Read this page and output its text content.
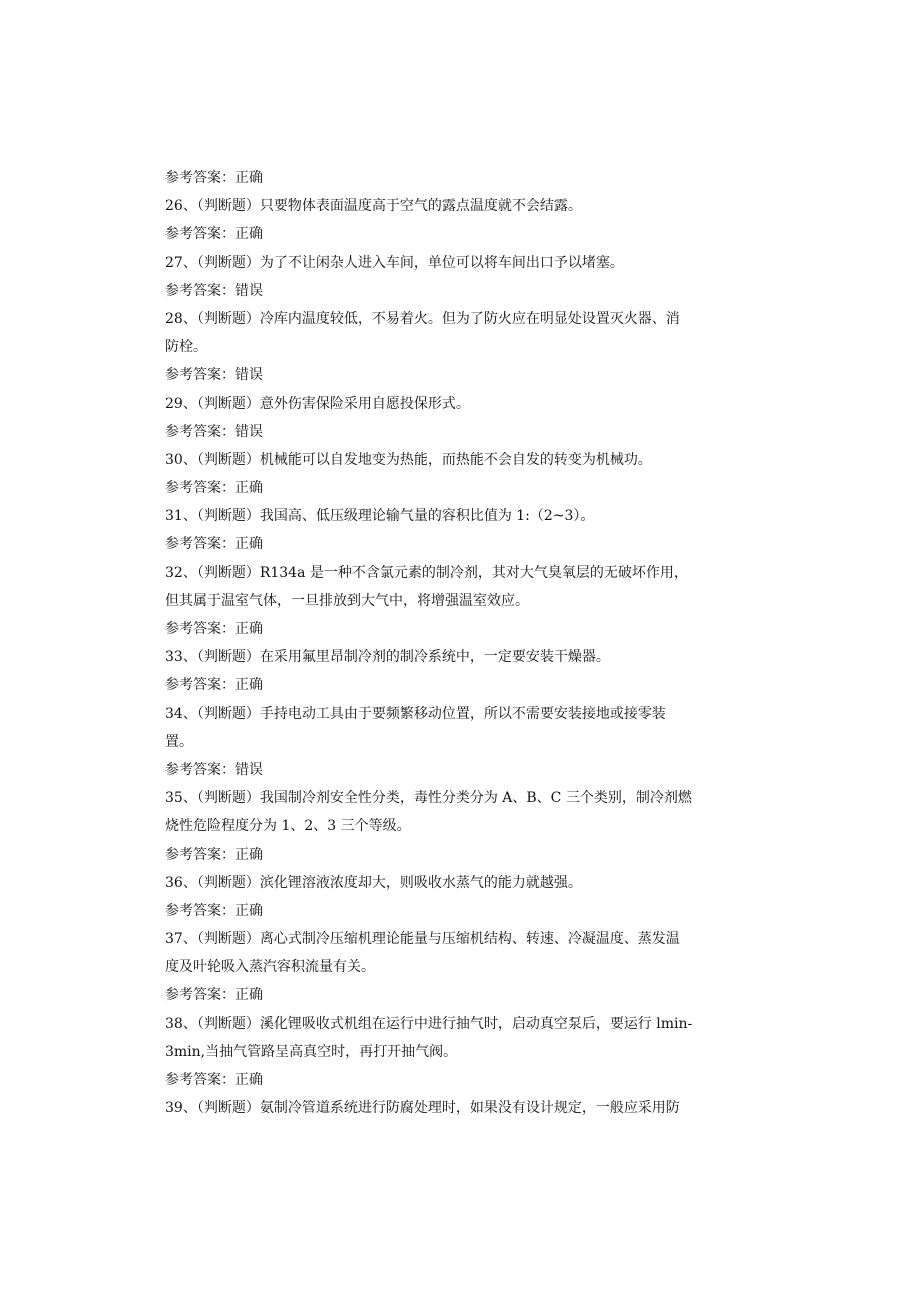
参考答案：正确
26、（判断题）只要物体表面温度高于空气的露点温度就不会结露。
参考答案：正确
27、（判断题）为了不让闲杂人进入车间，单位可以将车间出口予以堵塞。
参考答案：错误
28、（判断题）冷库内温度较低，不易着火。但为了防火应在明显处设置灭火器、消
防栓。
参考答案：错误
29、（判断题）意外伤害保险采用自愿投保形式。
参考答案：错误
30、（判断题）机械能可以自发地变为热能，而热能不会自发的转变为机械功。
参考答案：正确
31、（判断题）我国高、低压级理论输气量的容积比值为 1:（2~3）。
参考答案：正确
32、（判断题）R134a 是一种不含氯元素的制冷剂，其对大气臭氧层的无破坏作用，
但其属于温室气体，一旦排放到大气中，将增强温室效应。
参考答案：正确
33、（判断题）在采用氟里昂制冷剂的制冷系统中，一定要安装干燥器。
参考答案：正确
34、（判断题）手持电动工具由于要频繁移动位置，所以不需要安装接地或接零装
置。
参考答案：错误
35、（判断题）我国制冷剂安全性分类，毒性分类分为 A、B、C 三个类别，制冷剂燃
烧性危险程度分为 1、2、3 三个等级。
参考答案：正确
36、（判断题）滨化锂溶液浓度却大，则吸收水蒸气的能力就越强。
参考答案：正确
37、（判断题）离心式制冷压缩机理论能量与压缩机结构、转速、冷凝温度、蒸发温
度及叶轮吸入蒸汽容积流量有关。
参考答案：正确
38、（判断题）溪化锂吸收式机组在运行中进行抽气时，启动真空泵后，要运行 lmin-
3min,当抽气管路呈高真空时，再打开抽气阀。
参考答案：正确
39、（判断题）氨制冷管道系统进行防腐处理时，如果没有设计规定，一般应采用防
